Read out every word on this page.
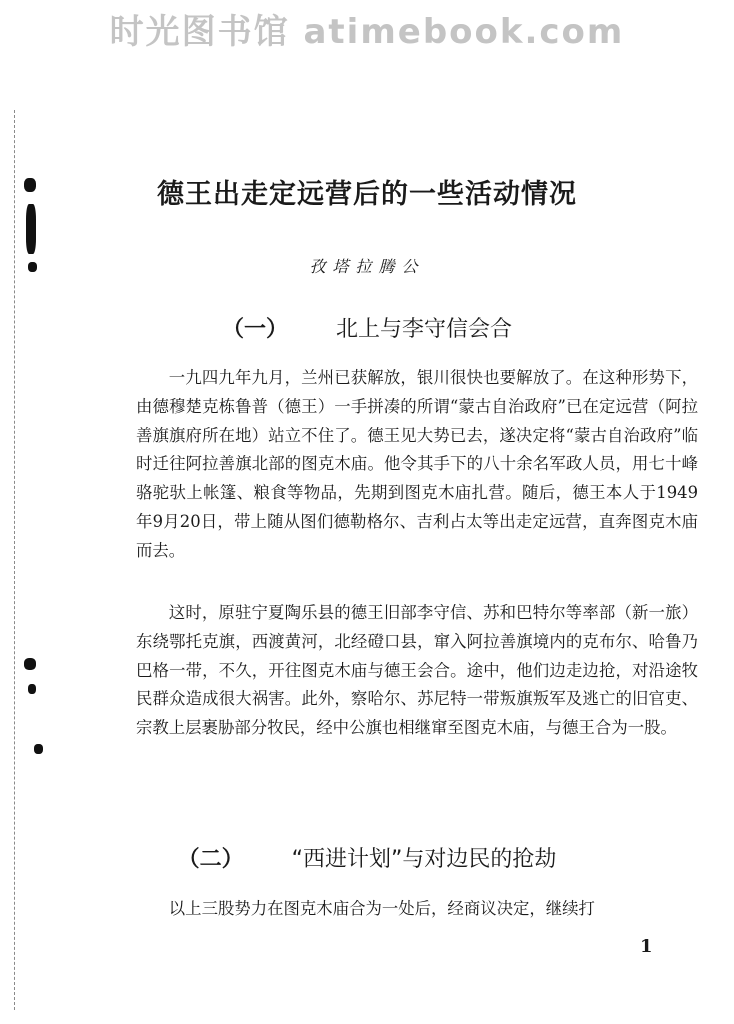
时光图书馆 atimebook.com
德王出走定远营后的一些活动情况
孜塔拉腾公
（一） 北上与李守信会合

一九四九年九月，兰州已获解放，银川很快也要解放了。在这种形势下，由德穆楚克栋鲁普（德王）一手拼凑的所谓“蒙古自治政府”已在定远营（阿拉善旗旗府所在地）站立不住了。德王见大势已去，遂决定将“蒙古自治政府”临时迁往阿拉善旗北部的图克木庙。他令其手下的八十余名军政人员，用七十峰骆驼驮上帐篷、粮食等物品，先期到图克木庙扎营。随后，德王本人于1949年9月20日，带上随从图们德勒格尔、吉利占太等出走定远营，直奔图克木庙而去。

这时，原驻宁夏陶乐县的德王旧部李守信、苏和巴特尔等率部（新一旅）东绕鄂托克旗，西渡黄河，北经磴口县，窜入阿拉善旗境内的克布尔、哈鲁乃巴格一带，不久，开往图克木庙与德王会合。途中，他们边走边抢，对沿途牧民群众造成很大祸害。此外，察哈尔、苏尼特一带叛旗叛军及逃亡的旧官吏、宗教上层裹胁部分牧民，经中公旗也相继窜至图克木庙，与德王合为一股。

（二） “西进计划”与对边民的抢劫

以上三股势力在图克木庙合为一处后，经商议决定，继续打

1
